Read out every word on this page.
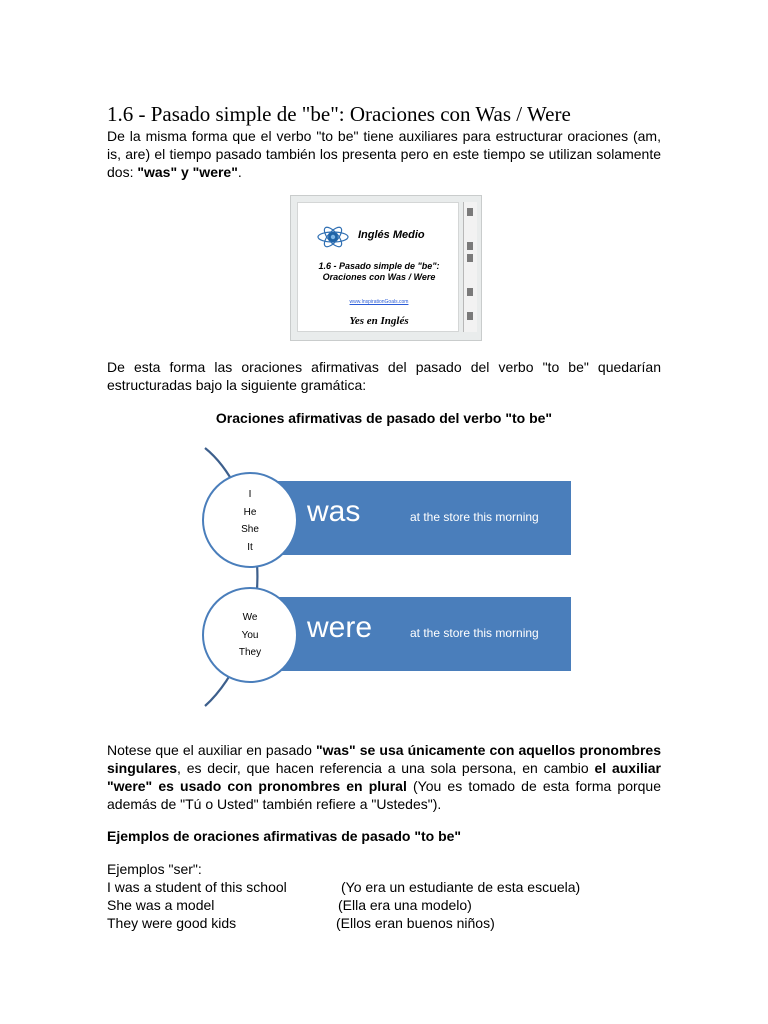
1.6 - Pasado simple de "be": Oraciones con Was / Were
De la misma forma que el verbo "to be" tiene auxiliares para estructurar oraciones (am, is, are) el tiempo pasado también los presenta pero en este tiempo se utilizan solamente dos: "was" y "were".
Inglés Medio
1.6 - Pasado simple de "be":
Oraciones con Was / Were
www.InspirationGoals.com
Yes en Inglés
De esta forma las oraciones afirmativas del pasado del verbo "to be" quedarían estructuradas bajo la siguiente gramática:
Oraciones afirmativas de pasado del verbo "to be"
was	at the store this morning
were	at the store this morning
I
He
She
It
We
You
They
Notese que el auxiliar en pasado "was" se usa únicamente con aquellos pronombres singulares, es decir, que hacen referencia a una sola persona, en cambio el auxiliar "were" es usado con pronombres en plural (You es tomado de esta forma porque además de "Tú o Usted" también refiere a "Ustedes").
Ejemplos de oraciones afirmativas de pasado "to be"
Ejemplos "ser":
I was a student of this school	(Yo era un estudiante de esta escuela)
She was a model	(Ella era una modelo)
They were good kids	(Ellos eran buenos niños)
